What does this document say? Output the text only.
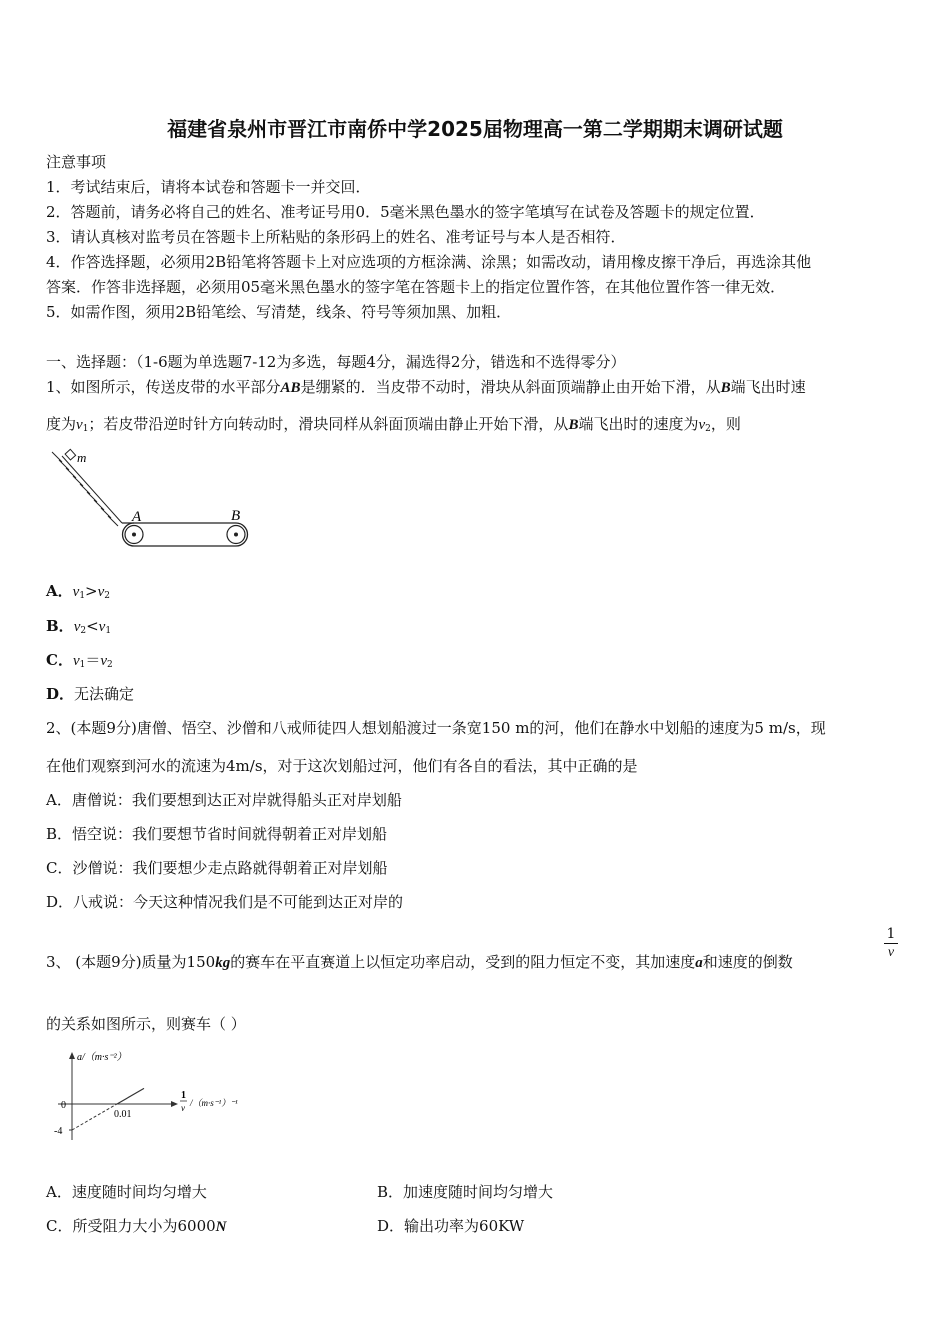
福建省泉州市晋江市南侨中学2025届物理高一第二学期期末调研试题
注意事项
1．考试结束后，请将本试卷和答题卡一并交回．
2．答题前，请务必将自己的姓名、准考证号用0．5毫米黑色墨水的签字笔填写在试卷及答题卡的规定位置．
3．请认真核对监考员在答题卡上所粘贴的条形码上的姓名、准考证号与本人是否相符．
4．作答选择题，必须用2B铅笔将答题卡上对应选项的方框涂满、涂黑；如需改动，请用橡皮擦干净后，再选涂其他
答案．作答非选择题，必须用05毫米黑色墨水的签字笔在答题卡上的指定位置作答，在其他位置作答一律无效．
5．如需作图，须用2B铅笔绘、写清楚，线条、符号等须加黑、加粗．
一、选择题：（1-6题为单选题7-12为多选，每题4分，漏选得2分，错选和不选得零分）
1、如图所示，传送皮带的水平部分AB是绷紧的．当皮带不动时，滑块从斜面顶端静止由开始下滑，从B端飞出时速
度为$v_1$；若皮带沿逆时针方向转动时，滑块同样从斜面顶端由静止开始下滑，从B端飞出时的速度为$v_2$，则
m
A	B
A．$v_1>v_2$
B．$v_2<v_1$
C．$v_1=v_2$
D．无法确定
2、(本题9分)唐僧、悟空、沙僧和八戒师徒四人想划船渡过一条宽150 m的河，他们在静水中划船的速度为5 m/s，现
在他们观察到河水的流速为4m/s，对于这次划船过河，他们有各自的看法，其中正确的是
A．唐僧说：我们要想到达正对岸就得船头正对岸划船
B．悟空说：我们要想节省时间就得朝着正对岸划船
C．沙僧说：我们要想少走点路就得朝着正对岸划船
D．八戒说：今天这种情况我们是不可能到达正对岸的
3、 (本题9分)质量为150kg的赛车在平直赛道上以恒定功率启动，受到的阻力恒定不变，其加速度a和速度的倒数
1
v
的关系如图所示，则赛车（ ）
a/（m·s⁻²）
0
-4
0.01
1
v /（m·s⁻¹）⁻¹
A．速度随时间均匀增大	B．加速度随时间均匀增大
C．所受阻力大小为6000N	D．输出功率为60KW
